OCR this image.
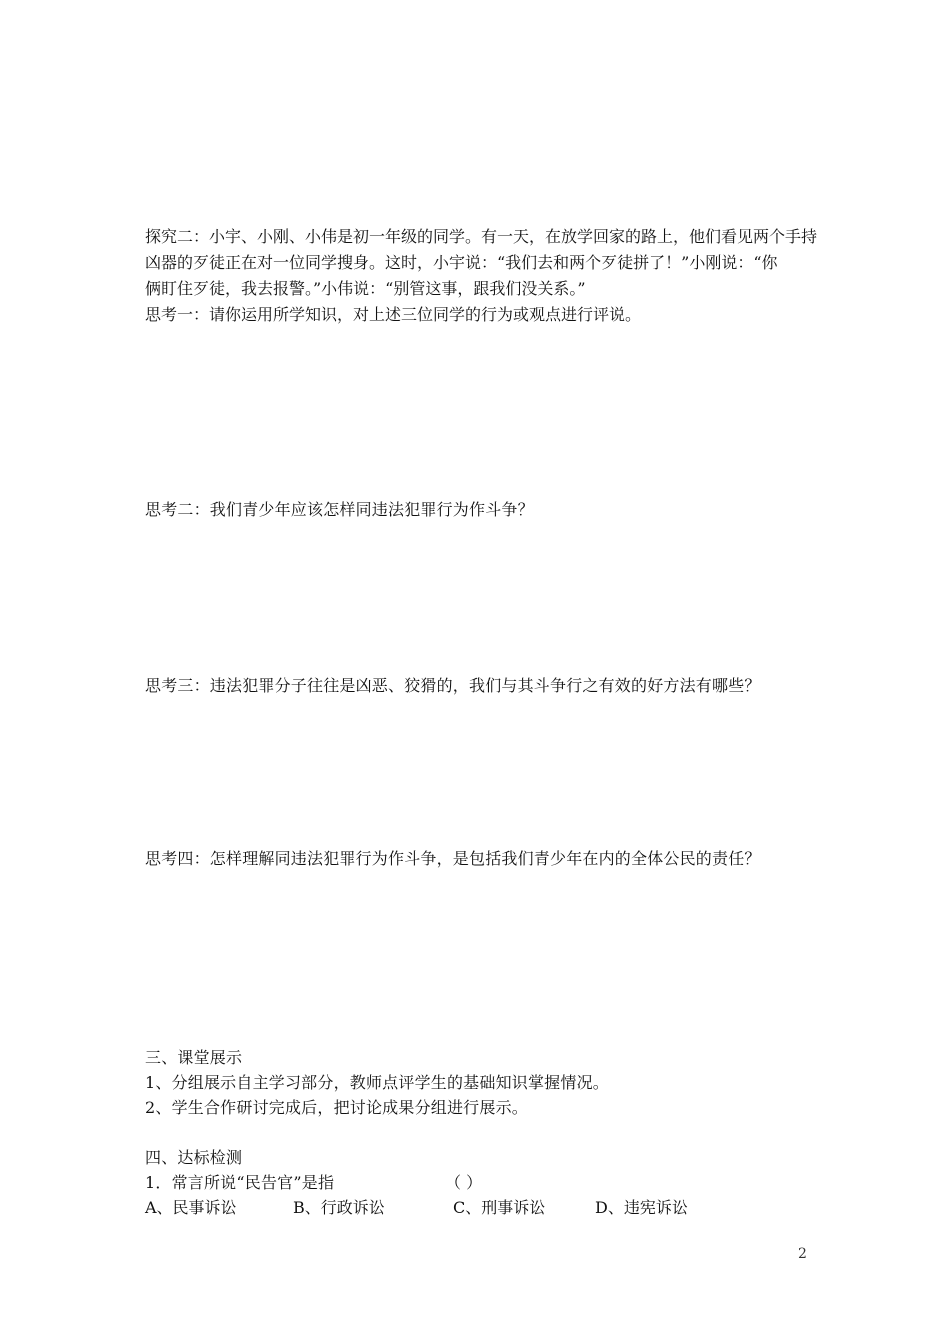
探究二：小宇、小刚、小伟是初一年级的同学。有一天，在放学回家的路上，他们看见两个手持
凶器的歹徒正在对一位同学搜身。这时，小宇说：“我们去和两个歹徒拼了！”小刚说：“你
俩盯住歹徒，我去报警。”小伟说：“别管这事，跟我们没关系。”
思考一：请你运用所学知识，对上述三位同学的行为或观点进行评说。
思考二：我们青少年应该怎样同违法犯罪行为作斗争？
思考三：违法犯罪分子往往是凶恶、狡猾的，我们与其斗争行之有效的好方法有哪些？
思考四：怎样理解同违法犯罪行为作斗争，是包括我们青少年在内的全体公民的责任？
三、课堂展示
1、分组展示自主学习部分，教师点评学生的基础知识掌握情况。
2、学生合作研讨完成后，把讨论成果分组进行展示。
四、达标检测
1．常言所说“民告官”是指	（ ）
A、民事诉讼	B、行政诉讼	C、刑事诉讼	D、违宪诉讼
2
